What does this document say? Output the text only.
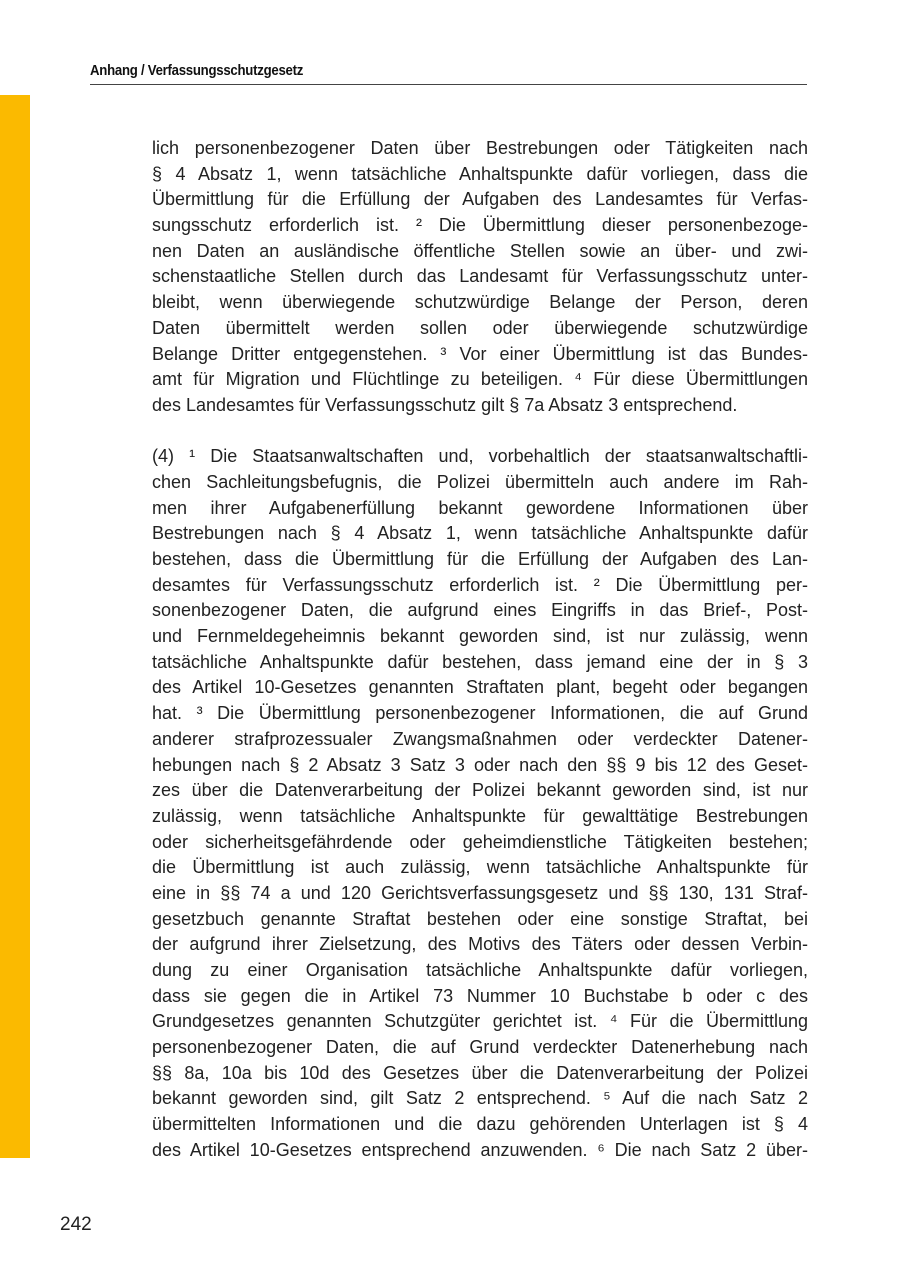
Anhang / Verfassungsschutzgesetz
lich personenbezogener Daten über Bestrebungen oder Tätigkeiten nach
§ 4 Absatz 1, wenn tatsächliche Anhaltspunkte dafür vorliegen, dass die
Übermittlung für die Erfüllung der Aufgaben des Landesamtes für Verfas-
sungsschutz erforderlich ist. ² Die Übermittlung dieser personenbezoge-
nen Daten an ausländische öffentliche Stellen sowie an über- und zwi-
schenstaatliche Stellen durch das Landesamt für Verfassungsschutz unter-
bleibt, wenn überwiegende schutzwürdige Belange der Person, deren
Daten übermittelt werden sollen oder überwiegende schutzwürdige
Belange Dritter entgegenstehen. ³ Vor einer Übermittlung ist das Bundes-
amt für Migration und Flüchtlinge zu beteiligen. ⁴ Für diese Übermittlungen
des Landesamtes für Verfassungsschutz gilt § 7a Absatz 3 entsprechend.
(4) ¹ Die Staatsanwaltschaften und, vorbehaltlich der staatsanwaltschaftli-
chen Sachleitungsbefugnis, die Polizei übermitteln auch andere im Rah-
men ihrer Aufgabenerfüllung bekannt gewordene Informationen über
Bestrebungen nach § 4 Absatz 1, wenn tatsächliche Anhaltspunkte dafür
bestehen, dass die Übermittlung für die Erfüllung der Aufgaben des Lan-
desamtes für Verfassungsschutz erforderlich ist. ² Die Übermittlung per-
sonenbezogener Daten, die aufgrund eines Eingriffs in das Brief-, Post-
und Fernmeldegeheimnis bekannt geworden sind, ist nur zulässig, wenn
tatsächliche Anhaltspunkte dafür bestehen, dass jemand eine der in § 3
des Artikel 10-Gesetzes genannten Straftaten plant, begeht oder begangen
hat. ³ Die Übermittlung personenbezogener Informationen, die auf Grund
anderer strafprozessualer Zwangsmaßnahmen oder verdeckter Datener-
hebungen nach § 2 Absatz 3 Satz 3 oder nach den §§ 9 bis 12 des Geset-
zes über die Datenverarbeitung der Polizei bekannt geworden sind, ist nur
zulässig, wenn tatsächliche Anhaltspunkte für gewalttätige Bestrebungen
oder sicherheitsgefährdende oder geheimdienstliche Tätigkeiten bestehen;
die Übermittlung ist auch zulässig, wenn tatsächliche Anhaltspunkte für
eine in §§ 74 a und 120 Gerichtsverfassungsgesetz und §§ 130, 131 Straf-
gesetzbuch genannte Straftat bestehen oder eine sonstige Straftat, bei
der aufgrund ihrer Zielsetzung, des Motivs des Täters oder dessen Verbin-
dung zu einer Organisation tatsächliche Anhaltspunkte dafür vorliegen,
dass sie gegen die in Artikel 73 Nummer 10 Buchstabe b oder c des
Grundgesetzes genannten Schutzgüter gerichtet ist. ⁴ Für die Übermittlung
personenbezogener Daten, die auf Grund verdeckter Datenerhebung nach
§§ 8a, 10a bis 10d des Gesetzes über die Datenverarbeitung der Polizei
bekannt geworden sind, gilt Satz 2 entsprechend. ⁵ Auf die nach Satz 2
übermittelten Informationen und die dazu gehörenden Unterlagen ist § 4
des Artikel 10-Gesetzes entsprechend anzuwenden. ⁶ Die nach Satz 2 über-
242
